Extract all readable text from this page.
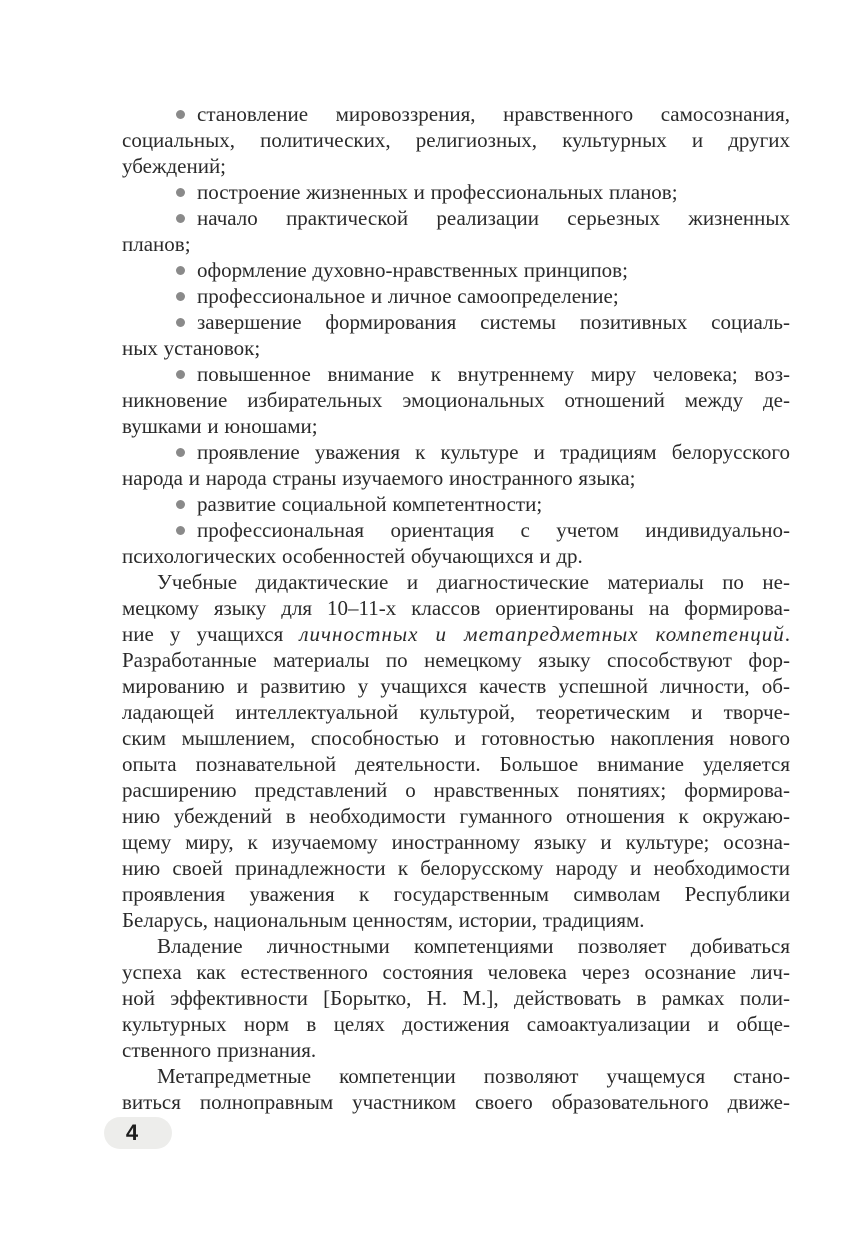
становление мировоззрения, нравственного самосознания,
социальных, политических, религиозных, культурных и других
убеждений;
построение жизненных и профессиональных планов;
начало практической реализации серьезных жизненных
планов;
оформление духовно-нравственных принципов;
профессиональное и личное самоопределение;
завершение формирования системы позитивных социаль-
ных установок;
повышенное внимание к внутреннему миру человека; воз-
никновение избирательных эмоциональных отношений между де-
вушками и юношами;
проявление уважения к культуре и традициям белорусского
народа и народа страны изучаемого иностранного языка;
развитие социальной компетентности;
профессиональная ориентация с учетом индивидуально-
психологических особенностей обучающихся и др.
Учебные дидактические и диагностические материалы по не-
мецкому языку для 10–11-х классов ориентированы на формирова-
ние у учащихся личностных и метапредметных компетенций.
Разработанные материалы по немецкому языку способствуют фор-
мированию и развитию у учащихся качеств успешной личности, об-
ладающей интеллектуальной культурой, теоретическим и творче-
ским мышлением, способностью и готовностью накопления нового
опыта познавательной деятельности. Большое внимание уделяется
расширению представлений о нравственных понятиях; формирова-
нию убеждений в необходимости гуманного отношения к окружаю-
щему миру, к изучаемому иностранному языку и культуре; осозна-
нию своей принадлежности к белорусскому народу и необходимости
проявления уважения к государственным символам Республики
Беларусь, национальным ценностям, истории, традициям.
Владение личностными компетенциями позволяет добиваться
успеха как естественного состояния человека через осознание лич-
ной эффективности [Борытко, Н. М.], действовать в рамках поли-
культурных норм в целях достижения самоактуализации и обще-
ственного признания.
Метапредметные компетенции позволяют учащемуся стано-
виться полноправным участником своего образовательного движе-
4
